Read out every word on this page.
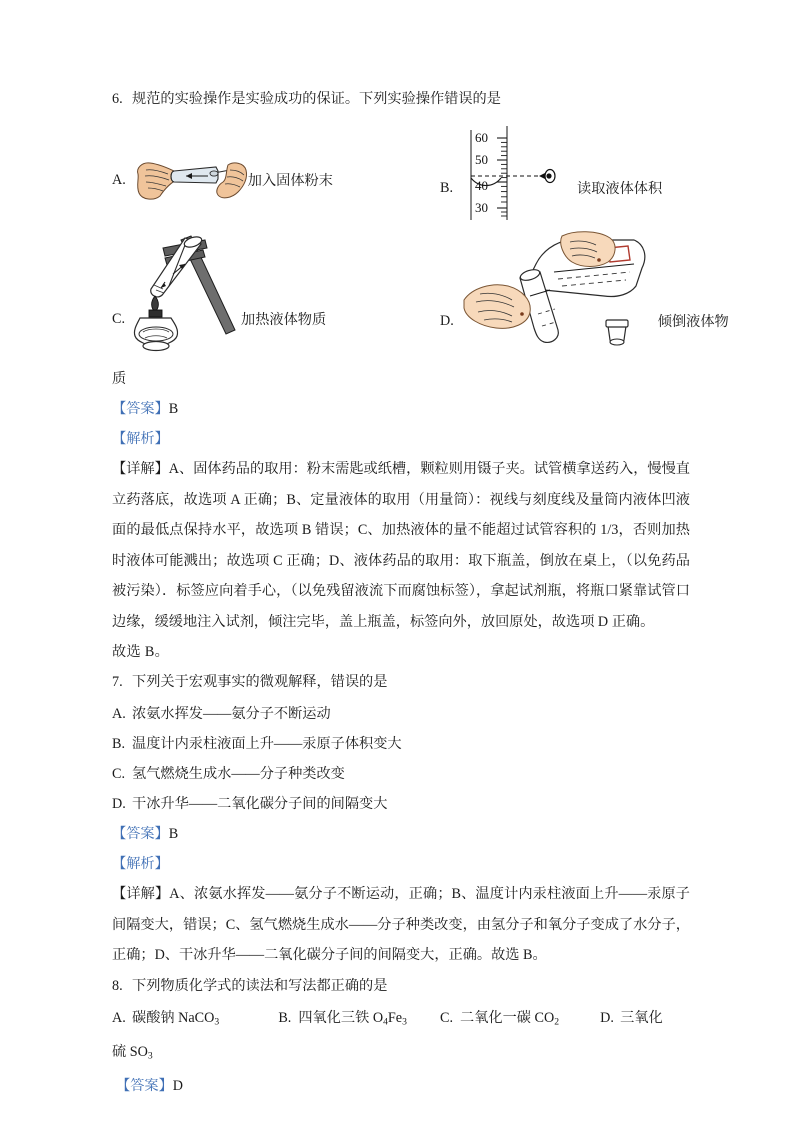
6. 规范的实验操作是实验成功的保证。下列实验操作错误的是
A.	加入固体粉末	B.
60
50
40
30
读取液体体积
C.	加热液体物质	D.	倾倒液体物
质
【答案】B
【解析】
【详解】A、固体药品的取用：粉末需匙或纸槽，颗粒则用镊子夹。试管横拿送药入，慢慢直立药落底，故选项 A 正确；B、定量液体的取用（用量筒）：视线与刻度线及量筒内液体凹液面的最低点保持水平，故选项 B 错误；C、加热液体的量不能超过试管容积的 1/3，否则加热时液体可能溅出；故选项 C 正确；D、液体药品的取用：取下瓶盖，倒放在桌上，（以免药品被污染）．标签应向着手心，（以免残留液流下而腐蚀标签），拿起试剂瓶，将瓶口紧靠试管口边缘，缓缓地注入试剂，倾注完毕，盖上瓶盖，标签向外，放回原处，故选项 D 正确。
故选 B。
7. 下列关于宏观事实的微观解释，错误的是
A. 浓氨水挥发——氨分子不断运动
B. 温度计内汞柱液面上升——汞原子体积变大
C. 氢气燃烧生成水——分子种类改变
D. 干冰升华——二氧化碳分子间的间隔变大
【答案】B
【解析】
【详解】A、浓氨水挥发——氨分子不断运动，正确；B、温度计内汞柱液面上升——汞原子间隔变大，错误；C、氢气燃烧生成水——分子种类改变，由氢分子和氧分子变成了水分子，正确；D、干冰升华——二氧化碳分子间的间隔变大，正确。故选 B。
8. 下列物质化学式的读法和写法都正确的是
A. 碳酸钠 NaCO$_3$	B. 四氧化三铁 $O_4Fe_3$ C. 二氧化一碳 $CO_2$	D. 三氧化
硫 $SO_3$
【答案】D
